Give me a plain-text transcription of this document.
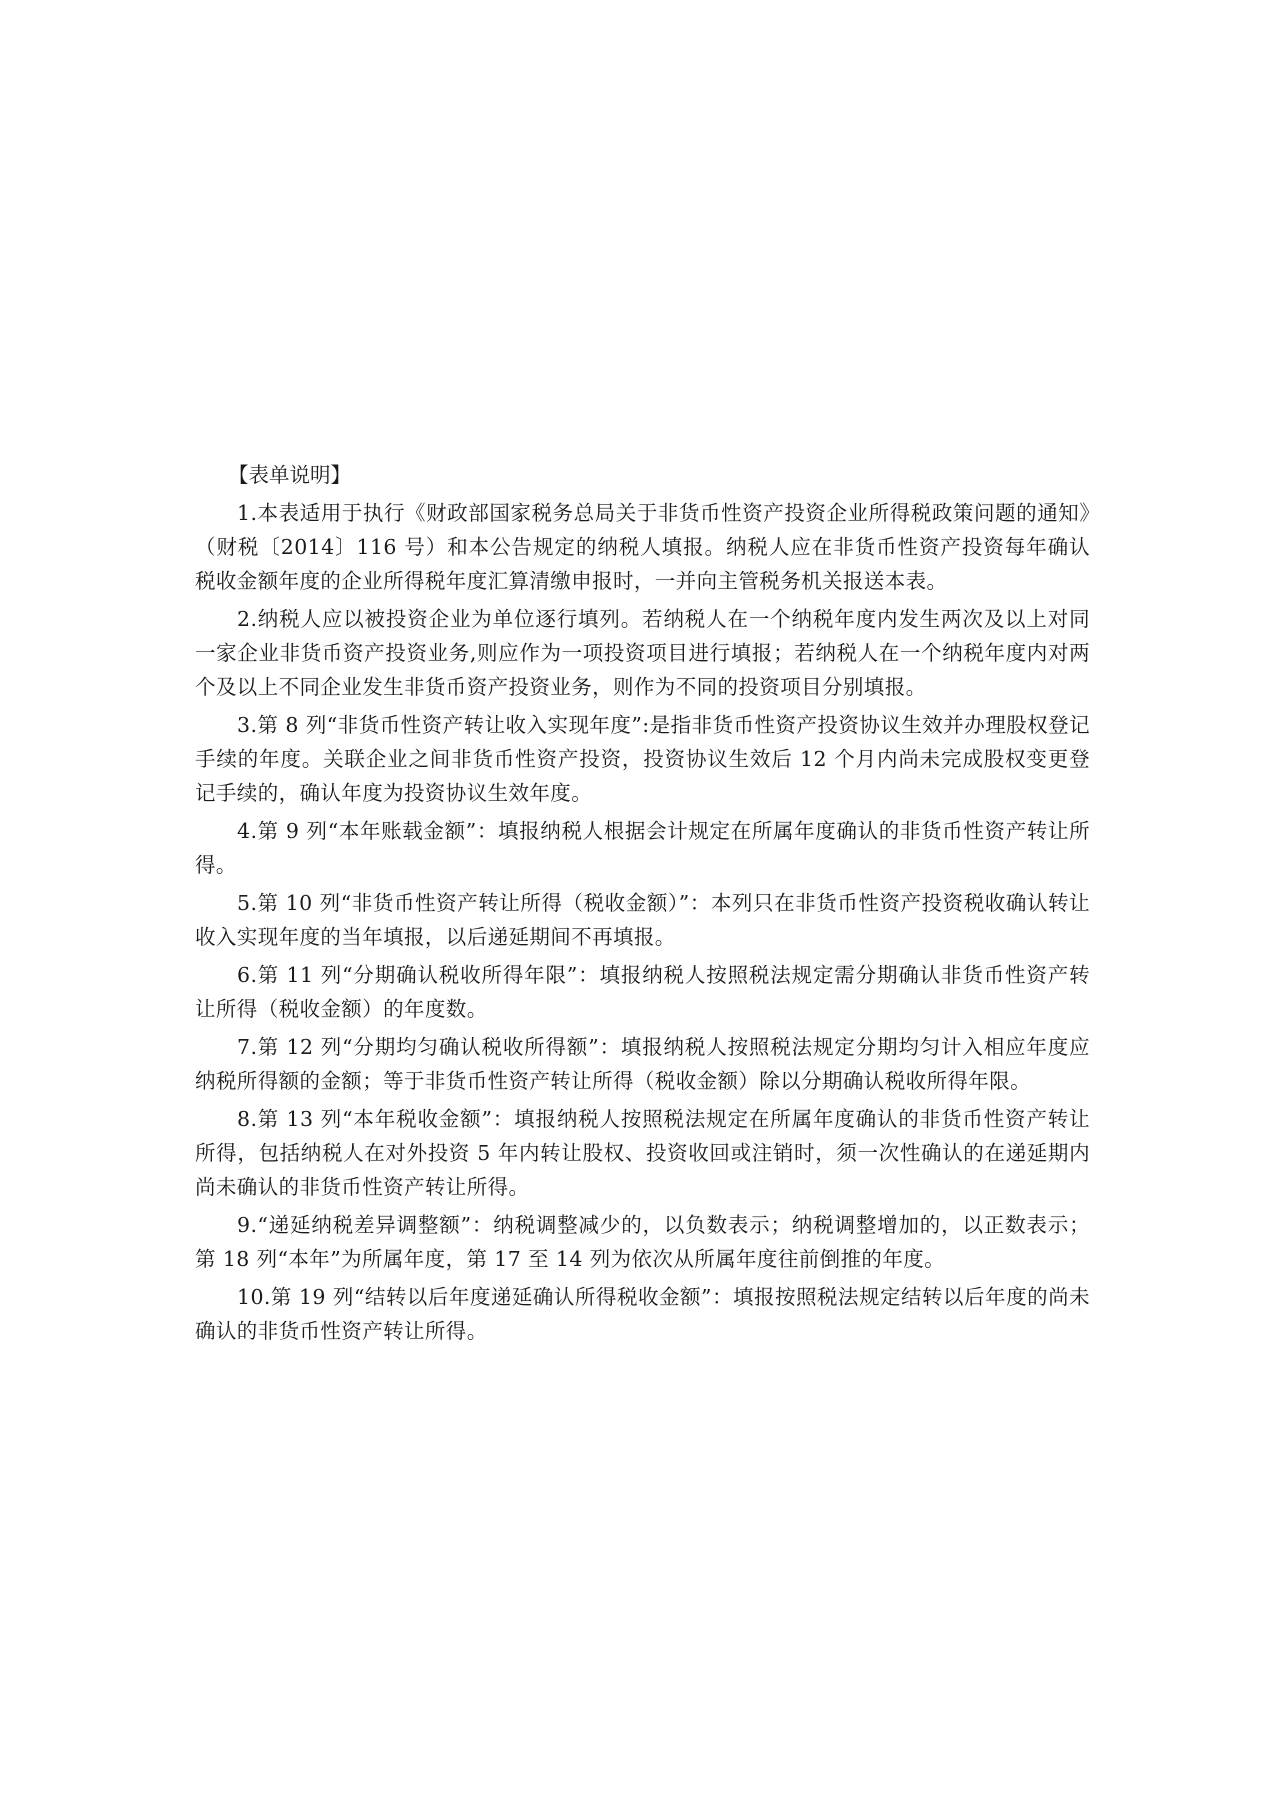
【表单说明】

1.本表适用于执行《财政部国家税务总局关于非货币性资产投资企业所得税政策问题的通知》（财税〔2014〕116 号）和本公告规定的纳税人填报。纳税人应在非货币性资产投资每年确认税收金额年度的企业所得税年度汇算清缴申报时，一并向主管税务机关报送本表。

2.纳税人应以被投资企业为单位逐行填列。若纳税人在一个纳税年度内发生两次及以上对同一家企业非货币资产投资业务,则应作为一项投资项目进行填报；若纳税人在一个纳税年度内对两个及以上不同企业发生非货币资产投资业务，则作为不同的投资项目分别填报。

3.第 8 列“非货币性资产转让收入实现年度”:是指非货币性资产投资协议生效并办理股权登记手续的年度。关联企业之间非货币性资产投资，投资协议生效后 12 个月内尚未完成股权变更登记手续的，确认年度为投资协议生效年度。

4.第 9 列“本年账载金额”：填报纳税人根据会计规定在所属年度确认的非货币性资产转让所得。

5.第 10 列“非货币性资产转让所得（税收金额）”：本列只在非货币性资产投资税收确认转让收入实现年度的当年填报，以后递延期间不再填报。

6.第 11 列“分期确认税收所得年限”：填报纳税人按照税法规定需分期确认非货币性资产转让所得（税收金额）的年度数。

7.第 12 列“分期均匀确认税收所得额”：填报纳税人按照税法规定分期均匀计入相应年度应纳税所得额的金额；等于非货币性资产转让所得（税收金额）除以分期确认税收所得年限。

8.第 13 列“本年税收金额”：填报纳税人按照税法规定在所属年度确认的非货币性资产转让所得，包括纳税人在对外投资 5 年内转让股权、投资收回或注销时，须一次性确认的在递延期内尚未确认的非货币性资产转让所得。

9.“递延纳税差异调整额”：纳税调整减少的，以负数表示；纳税调整增加的，以正数表示；第 18 列“本年”为所属年度，第 17 至 14 列为依次从所属年度往前倒推的年度。

10.第 19 列“结转以后年度递延确认所得税收金额”：填报按照税法规定结转以后年度的尚未确认的非货币性资产转让所得。
